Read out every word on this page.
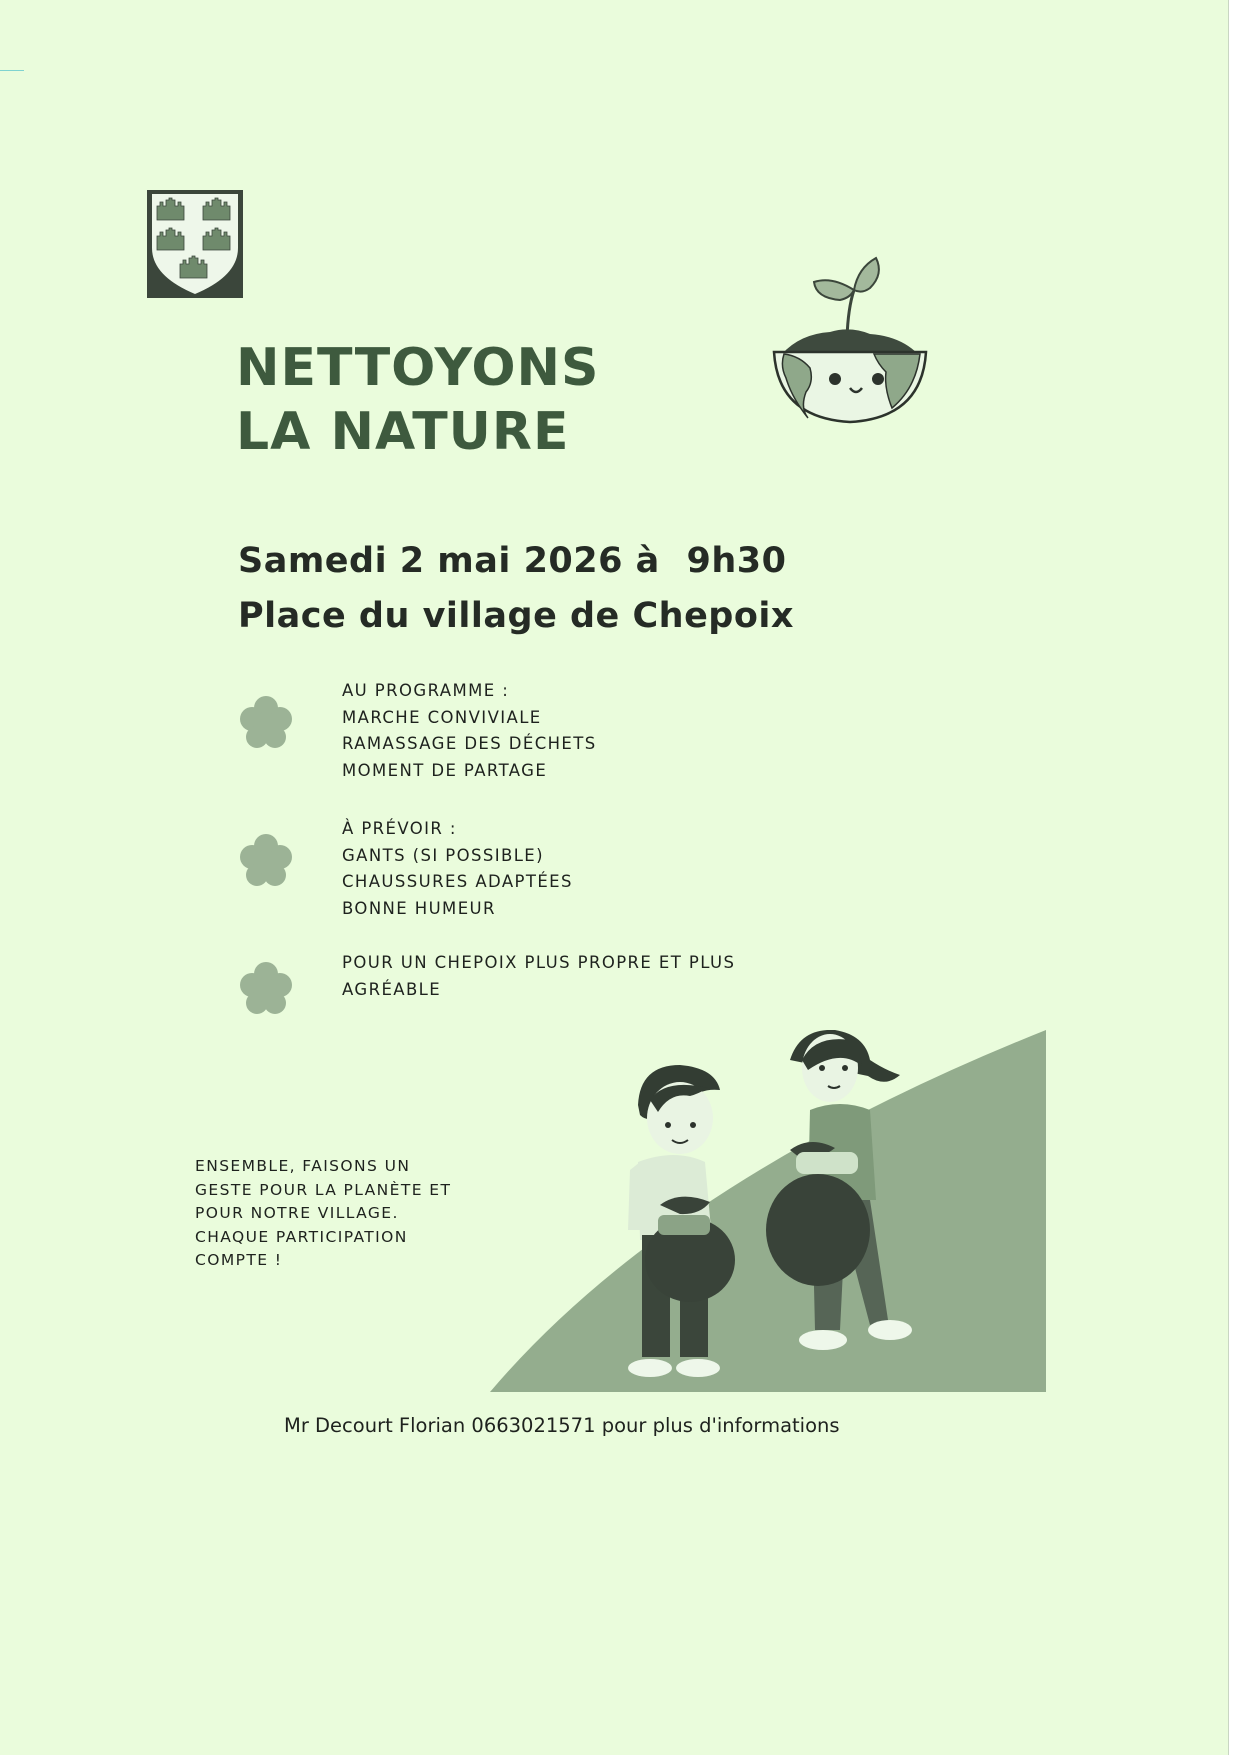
NETTOYONS
LA NATURE
Samedi 2 mai 2026 à 9h30
Place du village de Chepoix
AU PROGRAMME :
MARCHE CONVIVIALE
RAMASSAGE DES DÉCHETS
MOMENT DE PARTAGE
À PRÉVOIR :
GANTS (SI POSSIBLE)
CHAUSSURES ADAPTÉES
BONNE HUMEUR
POUR UN CHEPOIX PLUS PROPRE ET PLUS
AGRÉABLE
ENSEMBLE, FAISONS UN
GESTE POUR LA PLANÈTE ET
POUR NOTRE VILLAGE.
CHAQUE PARTICIPATION
COMPTE !
Mr Decourt Florian 0663021571 pour plus d'informations
